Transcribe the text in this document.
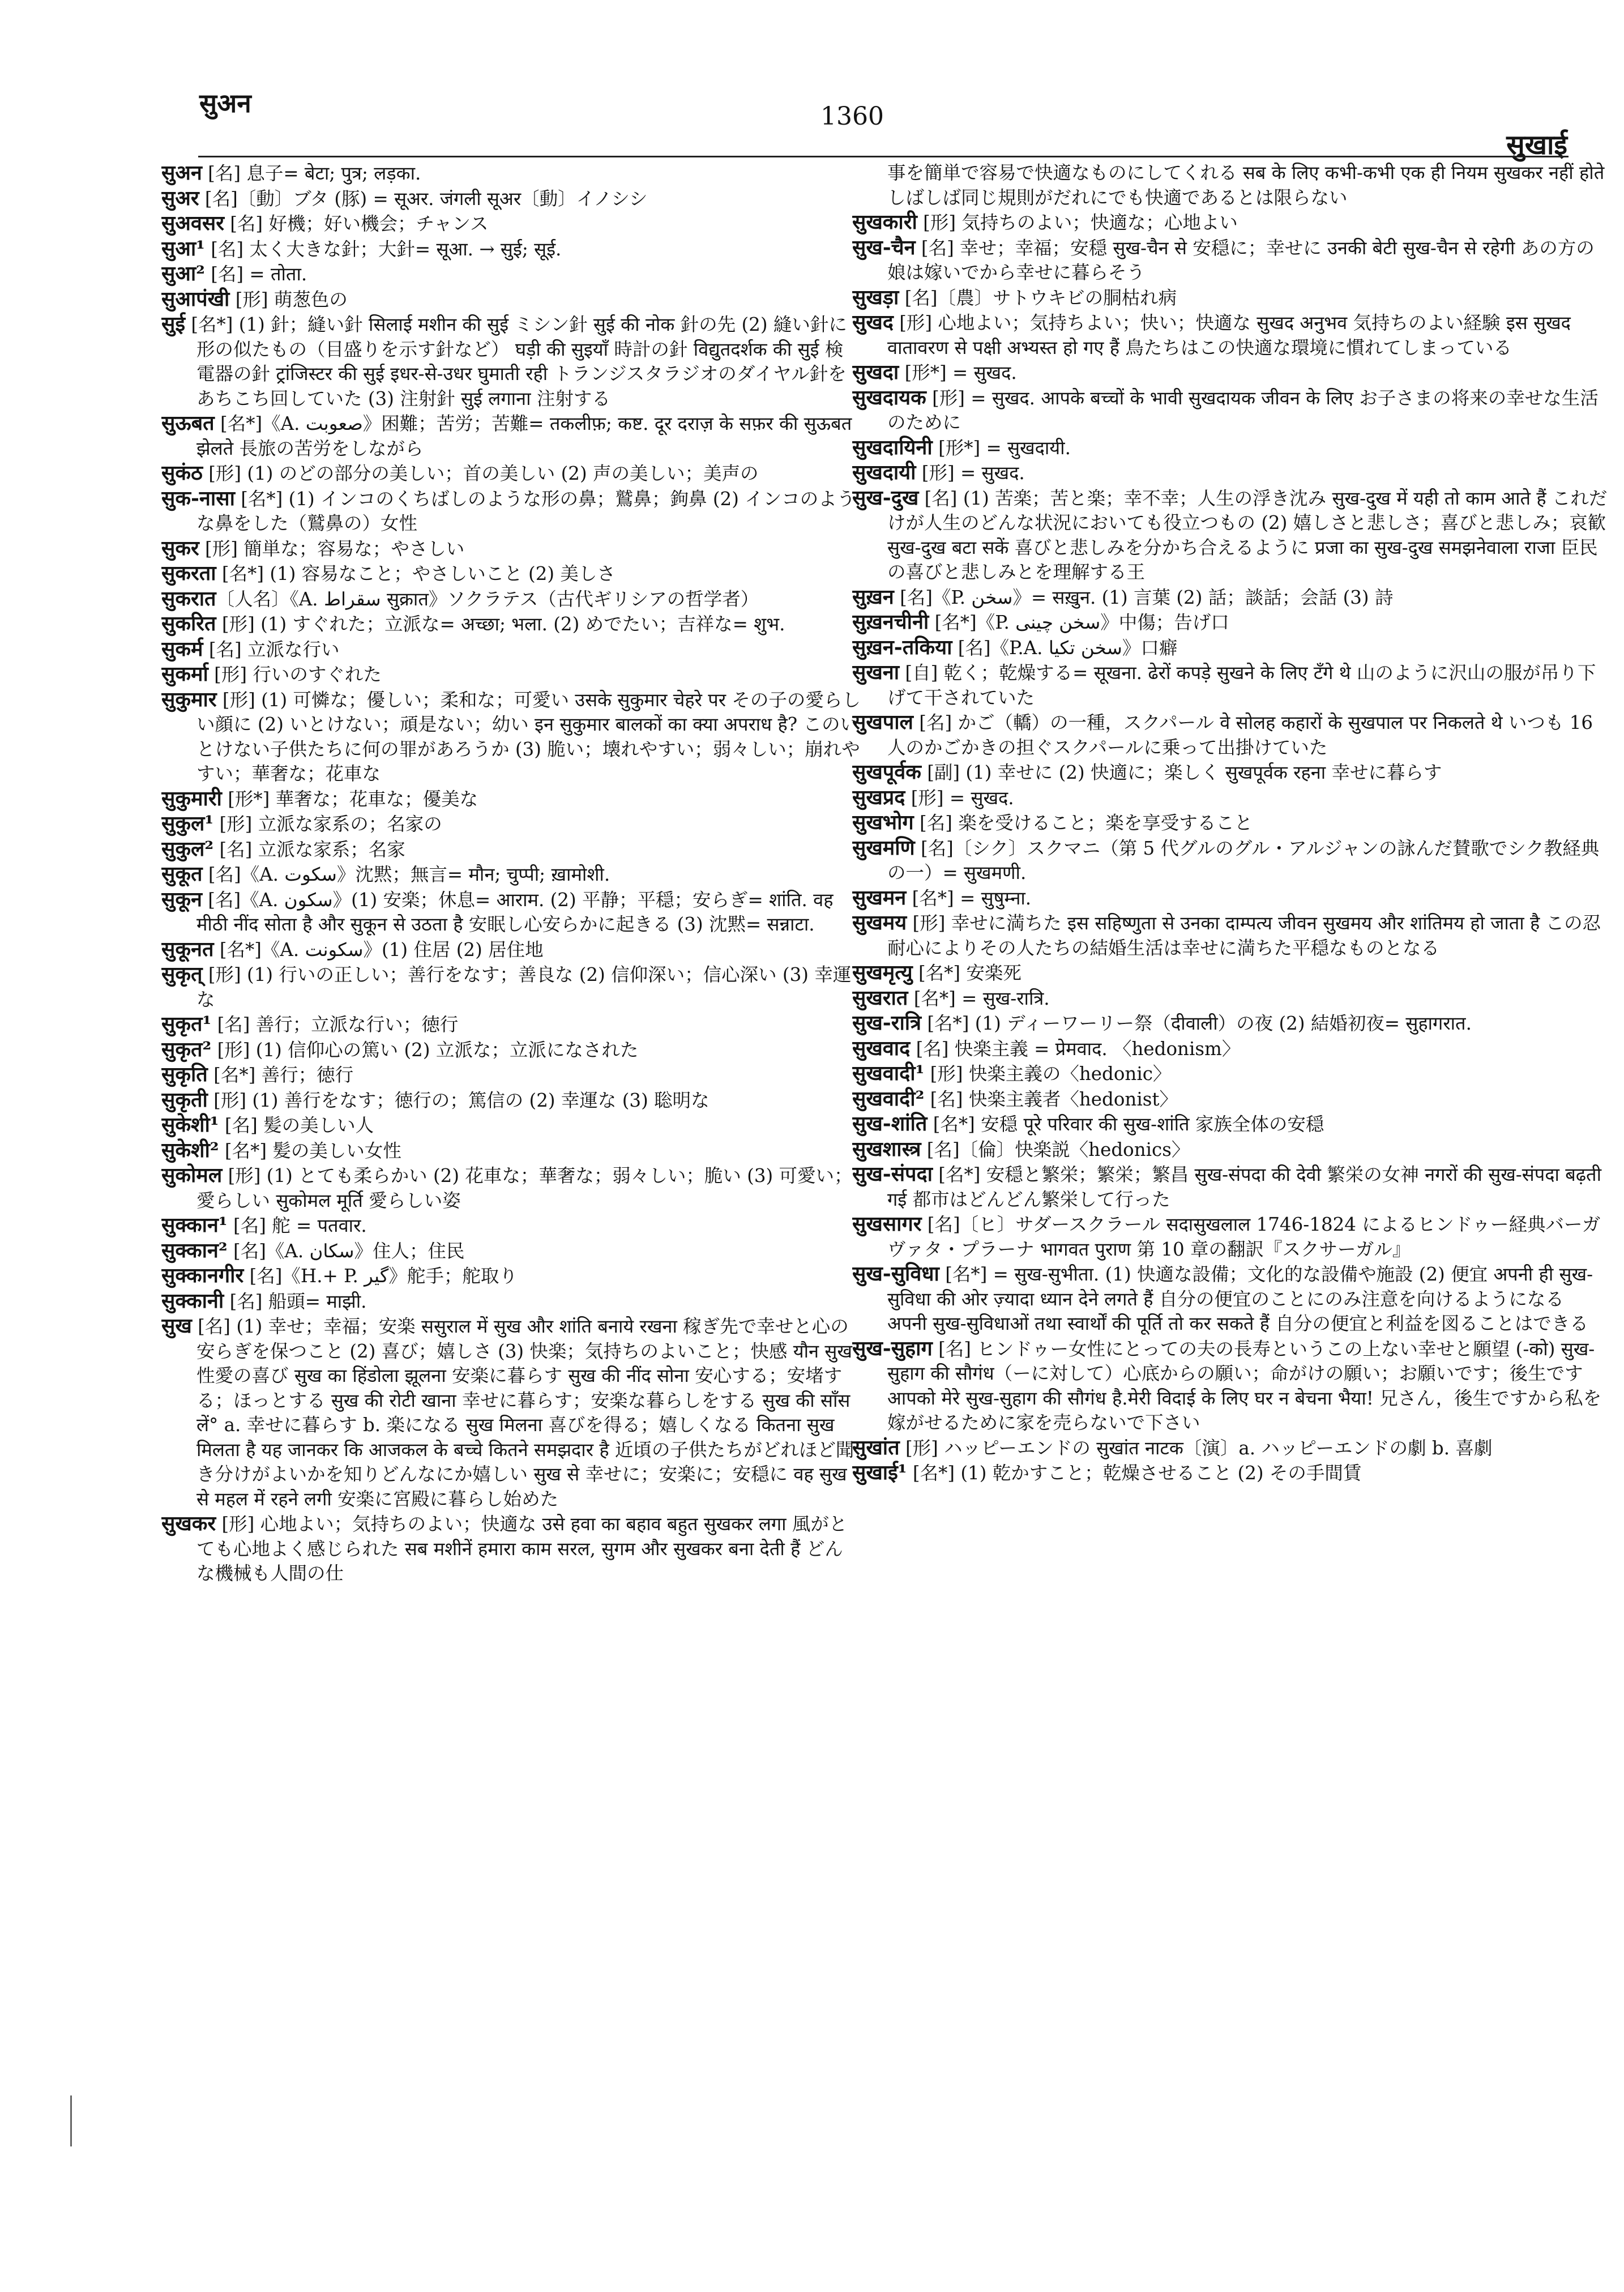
सुअन	1360
सुखाई
सुअन [名] 息子= बेटा; पुत्र; लड़का.
सुअर [名]〔動〕ブタ (豚) = सूअर. जंगली सूअर〔動〕イノシシ
सुअवसर [名] 好機；好い機会；チャンス
सुआ¹ [名] 太く大きな針；大針= सूआ. → सुई; सूई.
सुआ² [名] = तोता.
सुआपंखी [形] 萌葱色の
सुई [名*] (1) 針；縫い針 सिलाई मशीन की सुई ミシン針 सुई की नोक 針の先 (2) 縫い針に形の似たもの（目盛りを示す針など） घड़ी की सुइयाँ 時計の針 विद्युतदर्शक की सुई 検電器の針 ट्रांजिस्टर की सुई इधर-से-उधर घुमाती रही トランジスタラジオのダイヤル針をあちこち回していた (3) 注射針 सुई लगाना 注射する
सुऊबत [名*]《A. صعوبت》困難；苦労；苦難= तकलीफ़; कष्ट. दूर दराज़ के सफ़र की सुऊबत झेलते 長旅の苦労をしながら
सुकंठ [形] (1) のどの部分の美しい；首の美しい (2) 声の美しい；美声の
सुक-नासा [名*] (1) インコのくちばしのような形の鼻；鷲鼻；鉤鼻 (2) インコのような鼻をした（鷲鼻の）女性
सुकर [形] 簡単な；容易な；やさしい
सुकरता [名*] (1) 容易なこと；やさしいこと (2) 美しさ
सुकरात〔人名〕《A. سقراط सुक्रात》ソクラテス（古代ギリシアの哲学者）
सुकरित [形] (1) すぐれた；立派な= अच्छा; भला. (2) めでたい；吉祥な= शुभ.
सुकर्म [名] 立派な行い
सुकर्मा [形] 行いのすぐれた
सुकुमार [形] (1) 可憐な；優しい；柔和な；可愛い उसके सुकुमार चेहरे पर その子の愛らしい顔に (2) いとけない；頑是ない；幼い इन सुकुमार बालकों का क्या अपराध है? このいとけない子供たちに何の罪があろうか (3) 脆い；壊れやすい；弱々しい；崩れやすい；華奢な；花車な
सुकुमारी [形*] 華奢な；花車な；優美な
सुकुल¹ [形] 立派な家系の；名家の
सुकुल² [名] 立派な家系；名家
सुकूत [名]《A. سکوت》沈黙；無言= मौन; चुप्पी; ख़ामोशी.
सुकून [名]《A. سکون》(1) 安楽；休息= आराम. (2) 平静；平穏；安らぎ= शांति. वह मीठी नींद सोता है और सुकून से उठता है 安眠し心安らかに起きる (3) 沈黙= सन्नाटा.
सुकूनत [名*]《A. سکونت》(1) 住居 (2) 居住地
सुकृत् [形] (1) 行いの正しい；善行をなす；善良な (2) 信仰深い；信心深い (3) 幸運な
सुकृत¹ [名] 善行；立派な行い；徳行
सुकृत² [形] (1) 信仰心の篤い (2) 立派な；立派になされた
सुकृति [名*] 善行；徳行
सुकृती [形] (1) 善行をなす；徳行の；篤信の (2) 幸運な (3) 聡明な
सुकेशी¹ [名] 髪の美しい人
सुकेशी² [名*] 髪の美しい女性
सुकोमल [形] (1) とても柔らかい (2) 花車な；華奢な；弱々しい；脆い (3) 可愛い；愛らしい सुकोमल मूर्ति 愛らしい姿
सुक्कान¹ [名] 舵 = पतवार.
सुक्कान² [名]《A. سکان》住人；住民
सुक्कानगीर [名]《H.+ P. گیر》舵手；舵取り
सुक्कानी [名] 船頭= माझी.
सुख [名] (1) 幸せ；幸福；安楽 ससुराल में सुख और शांति बनाये रखना 稼ぎ先で幸せと心の安らぎを保つこと (2) 喜び；嬉しさ (3) 快楽；気持ちのよいこと；快感 यौन सुख 性愛の喜び सुख का हिंडोला झूलना 安楽に暮らす सुख की नींद सोना 安心する；安堵する；ほっとする सुख की रोटी खाना 幸せに暮らす；安楽な暮らしをする सुख की साँस लें° a. 幸せに暮らす b. 楽になる सुख मिलना 喜びを得る；嬉しくなる कितना सुख मिलता है यह जानकर कि आजकल के बच्चे कितने समझदार है 近頃の子供たちがどれほど聞き分けがよいかを知りどんなにか嬉しい सुख से 幸せに；安楽に；安穏に वह सुख से महल में रहने लगी 安楽に宮殿に暮らし始めた
सुखकर [形] 心地よい；気持ちのよい；快適な उसे हवा का बहाव बहुत सुखकर लगा 風がとても心地よく感じられた सब मशीनें हमारा काम सरल, सुगम और सुखकर बना देती हैं どんな機械も人間の仕
事を簡単で容易で快適なものにしてくれる सब के लिए कभी-कभी एक ही नियम सुखकर नहीं होते しばしば同じ規則がだれにでも快適であるとは限らない
सुखकारी [形] 気持ちのよい；快適な；心地よい
सुख-चैन [名] 幸せ；幸福；安穏 सुख-चैन से 安穏に；幸せに उनकी बेटी सुख-चैन से रहेगी あの方の娘は嫁いでから幸せに暮らそう
सुखड़ा [名]〔農〕サトウキビの胴枯れ病
सुखद [形] 心地よい；気持ちよい；快い；快適な सुखद अनुभव 気持ちのよい経験 इस सुखद वातावरण से पक्षी अभ्यस्त हो गए हैं 鳥たちはこの快適な環境に慣れてしまっている
सुखदा [形*] = सुखद.
सुखदायक [形] = सुखद. आपके बच्चों के भावी सुखदायक जीवन के लिए お子さまの将来の幸せな生活のために
सुखदायिनी [形*] = सुखदायी.
सुखदायी [形] = सुखद.
सुख-दुख [名] (1) 苦楽；苦と楽；幸不幸；人生の浮き沈み सुख-दुख में यही तो काम आते हैं これだけが人生のどんな状況においても役立つもの (2) 嬉しさと悲しさ；喜びと悲しみ；哀歓 सुख-दुख बटा सकें 喜びと悲しみを分かち合えるように प्रजा का सुख-दुख समझनेवाला राजा 臣民の喜びと悲しみとを理解する王
सुख़न [名]《P. سخن》= सख़ुन. (1) 言葉 (2) 話；談話；会話 (3) 詩
सुख़नचीनी [名*]《P. سخن چینی》中傷；告げ口
सुख़न-तकिया [名]《P.A. سخن تکیا》口癖
सुखना [自] 乾く；乾燥する= सूखना. ढेरों कपड़े सुखने के लिए टँगे थे 山のように沢山の服が吊り下げて干されていた
सुखपाल [名] かご（轎）の一種，スクパール वे सोलह कहारों के सुखपाल पर निकलते थे いつも 16 人のかごかきの担ぐスクパールに乗って出掛けていた
सुखपूर्वक [副] (1) 幸せに (2) 快適に；楽しく सुखपूर्वक रहना 幸せに暮らす
सुखप्रद [形] = सुखद.
सुखभोग [名] 楽を受けること；楽を享受すること
सुखमणि [名]〔シク〕スクマニ（第 5 代グルのグル・アルジャンの詠んだ賛歌でシク教経典の一）= सुखमणी.
सुखमन [名*] = सुषुम्ना.
सुखमय [形] 幸せに満ちた इस सहिष्णुता से उनका दाम्पत्य जीवन सुखमय और शांतिमय हो जाता है この忍耐心によりその人たちの結婚生活は幸せに満ちた平穏なものとなる
सुखमृत्यु [名*] 安楽死
सुखरात [名*] = सुख-रात्रि.
सुख-रात्रि [名*] (1) ディーワーリー祭（दीवाली）の夜 (2) 結婚初夜= सुहागरात.
सुखवाद [名] 快楽主義 = प्रेमवाद. 〈hedonism〉
सुखवादी¹ [形] 快楽主義の〈hedonic〉
सुखवादी² [名] 快楽主義者〈hedonist〉
सुख-शांति [名*] 安穏 पूरे परिवार की सुख-शांति 家族全体の安穏
सुखशास्त्र [名]〔倫〕快楽説〈hedonics〉
सुख-संपदा [名*] 安穏と繁栄；繁栄；繁昌 सुख-संपदा की देवी 繁栄の女神 नगरों की सुख-संपदा बढ़ती गई 都市はどんどん繁栄して行った
सुखसागर [名]〔ヒ〕サダースクラール सदासुखलाल 1746-1824 によるヒンドゥー経典バーガヴァタ・プラーナ भागवत पुराण 第 10 章の翻訳『スクサーガル』
सुख-सुविधा [名*] = सुख-सुभीता. (1) 快適な設備；文化的な設備や施設 (2) 便宜 अपनी ही सुख-सुविधा की ओर ज़्यादा ध्यान देने लगते हैं 自分の便宜のことにのみ注意を向けるようになる अपनी सुख-सुविधाओं तथा स्वार्थों की पूर्ति तो कर सकते हैं 自分の便宜と利益を図ることはできる
सुख-सुहाग [名] ヒンドゥー女性にとっての夫の長寿というこの上ない幸せと願望 (-को) सुख-सुहाग की सौगंध（ーに対して）心底からの願い；命がけの願い；お願いです；後生です आपको मेरे सुख-सुहाग की सौगंध है.मेरी विदाई के लिए घर न बेचना भैया! 兄さん，後生ですから私を嫁がせるために家を売らないで下さい
सुखांत [形] ハッピーエンドの सुखांत नाटक〔演〕a. ハッピーエンドの劇 b. 喜劇
सुखाई¹ [名*] (1) 乾かすこと；乾燥させること (2) その手間賃
